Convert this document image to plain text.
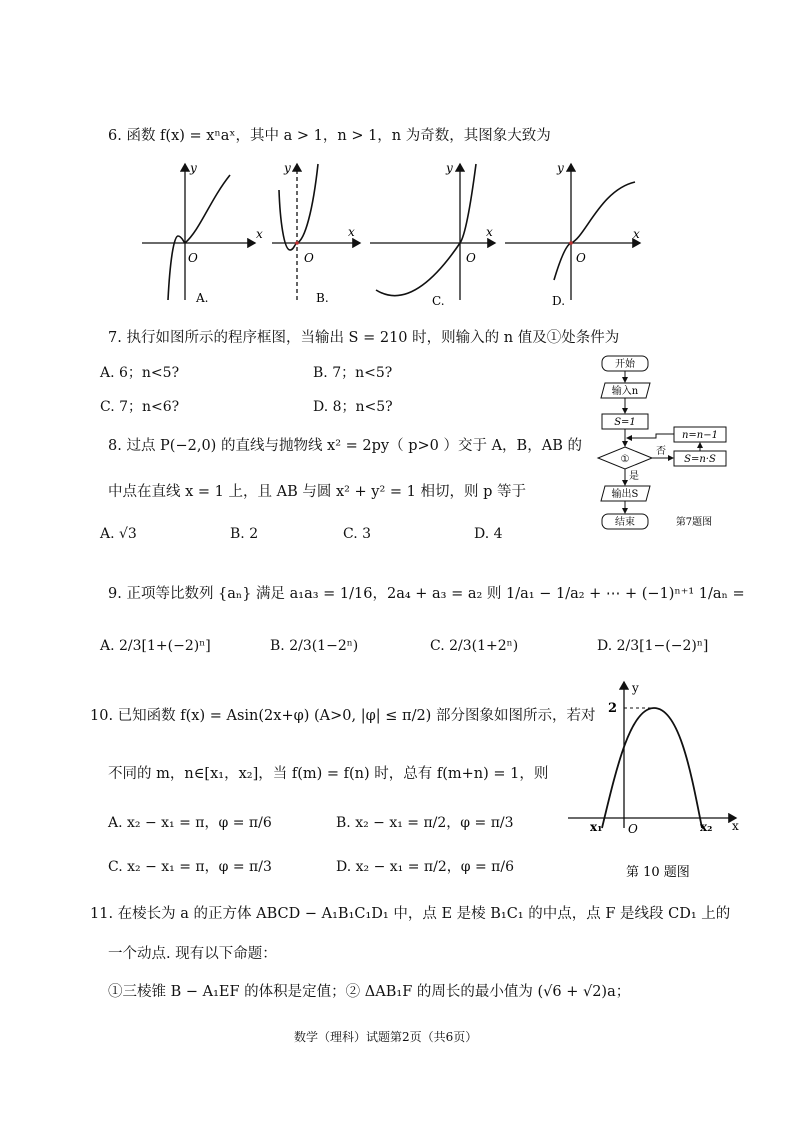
6. 函数 f(x) = xⁿaˣ，其中 a > 1，n > 1，n 为奇数，其图象大致为
y
x
O
A.
y
x
O
B.
y
x
O
C.
y
x
O
D.
7. 执行如图所示的程序框图，当输出 S = 210 时，则输入的 n 值及①处条件为
A. 6；n<5?	B. 7；n<5?
C. 7；n<6?	D. 8；n<5?
开始
输入n
S=1
①
否
S=n·S
n=n−1
是
输出S
结束	第7题图
8. 过点 P(−2,0) 的直线与抛物线 x² = 2py（ p>0 ）交于 A，B，AB 的
中点在直线 x = 1 上，且 AB 与圆 x² + y² = 1 相切，则 p 等于
A. √3	B. 2	C. 3	D. 4
9. 正项等比数列 {aₙ} 满足 a₁a₃ = 1/16，2a₄ + a₃ = a₂ 则 1/a₁ − 1/a₂ + ⋯ + (−1)ⁿ⁺¹ 1/aₙ =
A. 2/3[1+(−2)ⁿ]	B. 2/3(1−2ⁿ)	C. 2/3(1+2ⁿ)	D. 2/3[1−(−2)ⁿ]
10. 已知函数 f(x) = Asin(2x+φ) (A>0, |φ| ≤ π/2) 部分图象如图所示，若对
不同的 m，n∈[x₁，x₂]，当 f(m) = f(n) 时，总有 f(m+n) = 1，则
A. x₂ − x₁ = π，φ = π/6	B. x₂ − x₁ = π/2，φ = π/3
C. x₂ − x₁ = π，φ = π/3	D. x₂ − x₁ = π/2，φ = π/6
y
2
x₁ O	x₂ x
第 10 题图
11. 在棱长为 a 的正方体 ABCD − A₁B₁C₁D₁ 中，点 E 是棱 B₁C₁ 的中点，点 F 是线段 CD₁ 上的
一个动点. 现有以下命题：
①三棱锥 B − A₁EF 的体积是定值；② ΔAB₁F 的周长的最小值为 (√6 + √2)a；
数学（理科）试题第2页（共6页）
